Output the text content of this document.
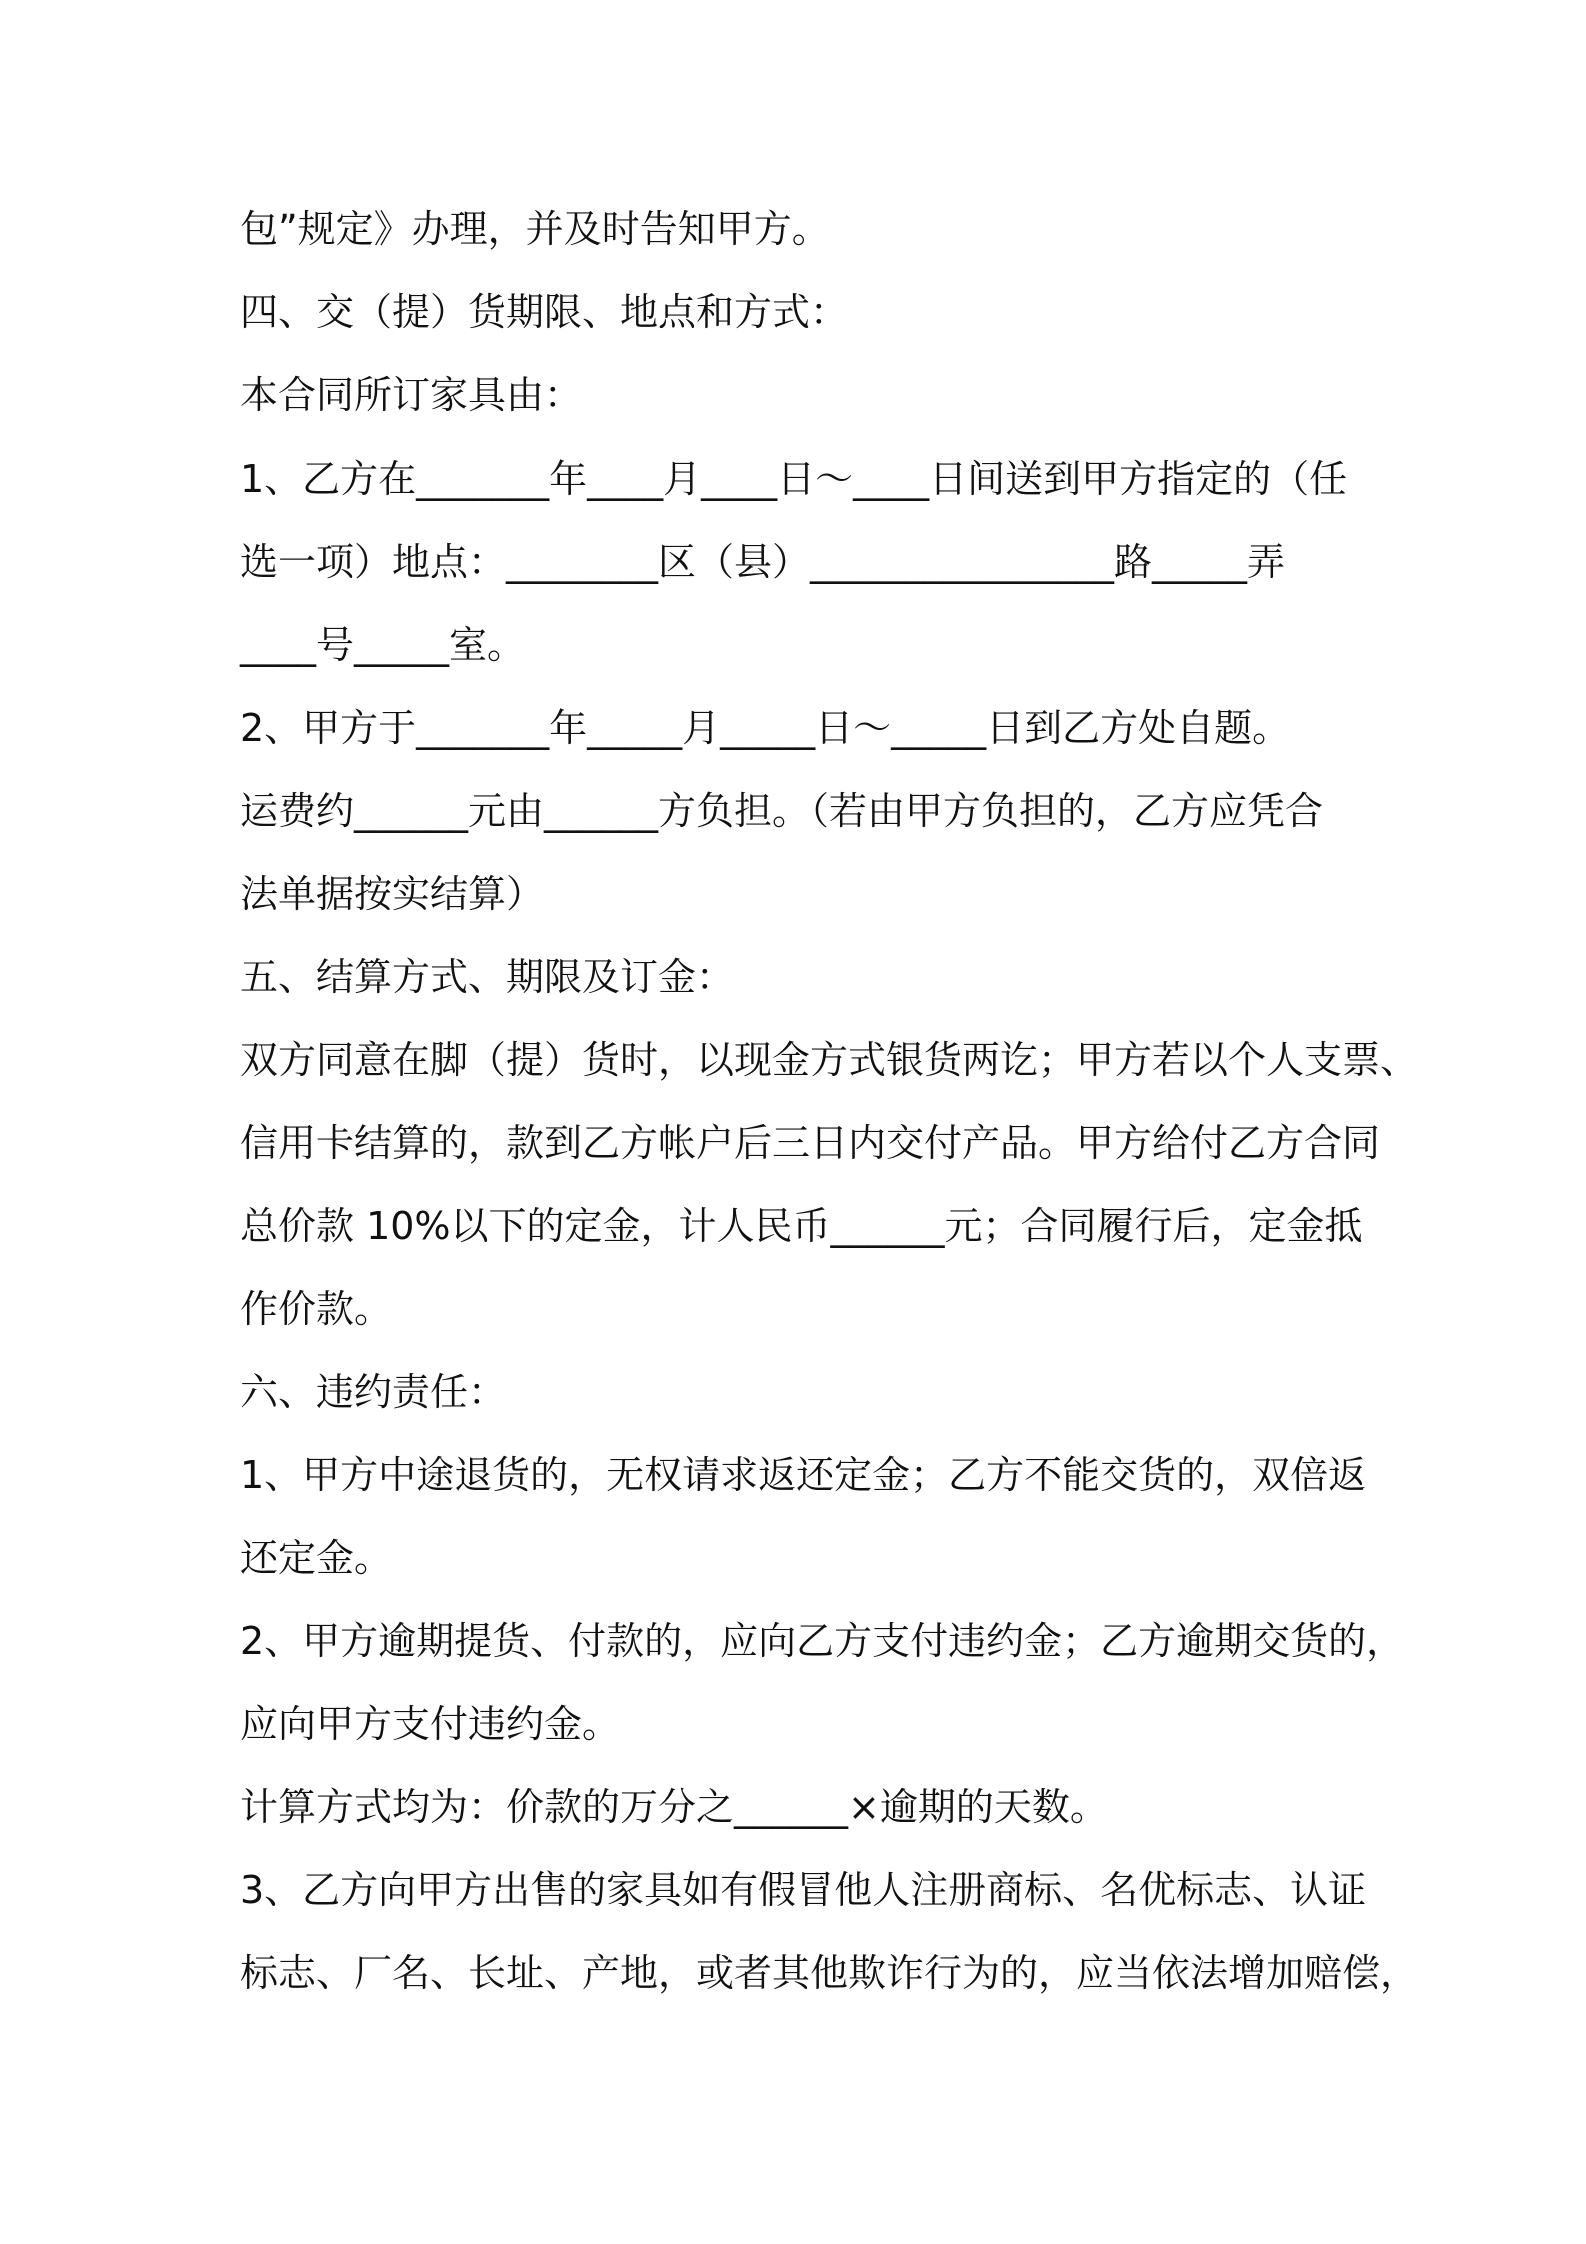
包”规定》办理，并及时告知甲方。
四、交（提）货期限、地点和方式：
本合同所订家具由：
1、乙方在_______年____月____日～____日间送到甲方指定的（任
选一项）地点：________区（县）________________路_____弄
____号_____室。
2、甲方于_______年_____月_____日～_____日到乙方处自题。
运费约______元由______方负担。（若由甲方负担的，乙方应凭合
法单据按实结算）
五、结算方式、期限及订金：
双方同意在脚（提）货时，以现金方式银货两讫；甲方若以个人支票、
信用卡结算的，款到乙方帐户后三日内交付产品。甲方给付乙方合同
总价款 10%以下的定金，计人民币______元；合同履行后，定金抵
作价款。
六、违约责任：
1、甲方中途退货的，无权请求返还定金；乙方不能交货的，双倍返
还定金。
2、甲方逾期提货、付款的，应向乙方支付违约金；乙方逾期交货的，
应向甲方支付违约金。
计算方式均为：价款的万分之______×逾期的天数。
3、乙方向甲方出售的家具如有假冒他人注册商标、名优标志、认证
标志、厂名、长址、产地，或者其他欺诈行为的，应当依法增加赔偿，
